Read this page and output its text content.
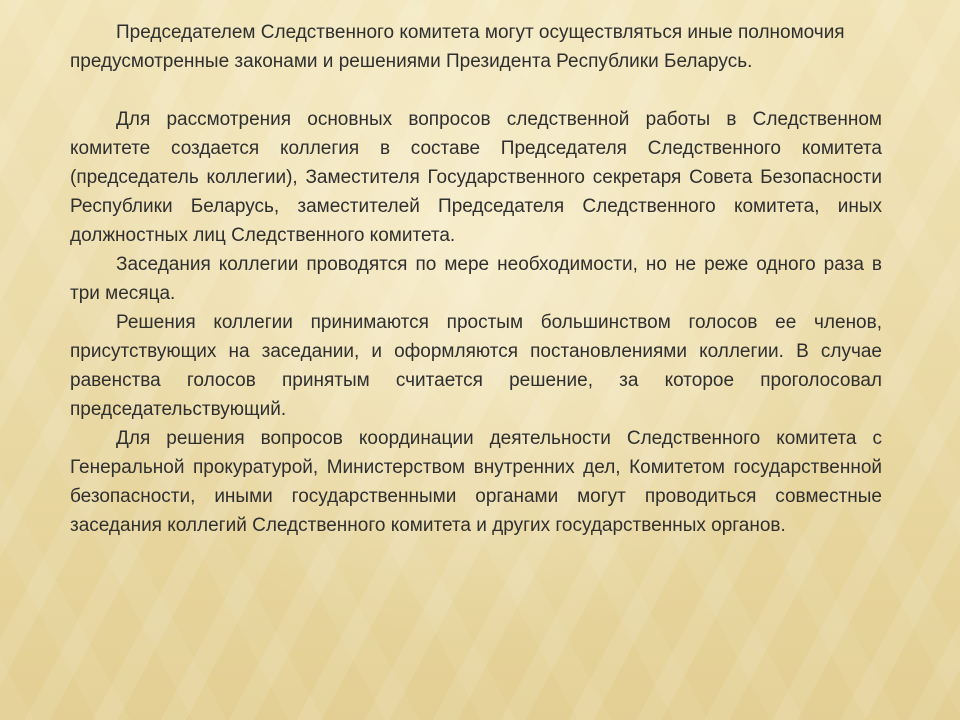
Председателем Следственного комитета могут осуществляться иные полномочия предусмотренные законами и решениями Президента Республики Беларусь.

Для рассмотрения основных вопросов следственной работы в Следственном комитете создается коллегия в составе Председателя Следственного комитета (председатель коллегии), Заместителя Государственного секретаря Совета Безопасности Республики Беларусь, заместителей Председателя Следственного комитета, иных должностных лиц Следственного комитета.

Заседания коллегии проводятся по мере необходимости, но не реже одного раза в три месяца.

Решения коллегии принимаются простым большинством голосов ее членов, присутствующих на заседании, и оформляются постановлениями коллегии. В случае равенства голосов принятым считается решение, за которое проголосовал председательствующий.

Для решения вопросов координации деятельности Следственного комитета с Генеральной прокуратурой, Министерством внутренних дел, Комитетом государственной безопасности, иными государственными органами могут проводиться совместные заседания коллегий Следственного комитета и других государственных органов.
